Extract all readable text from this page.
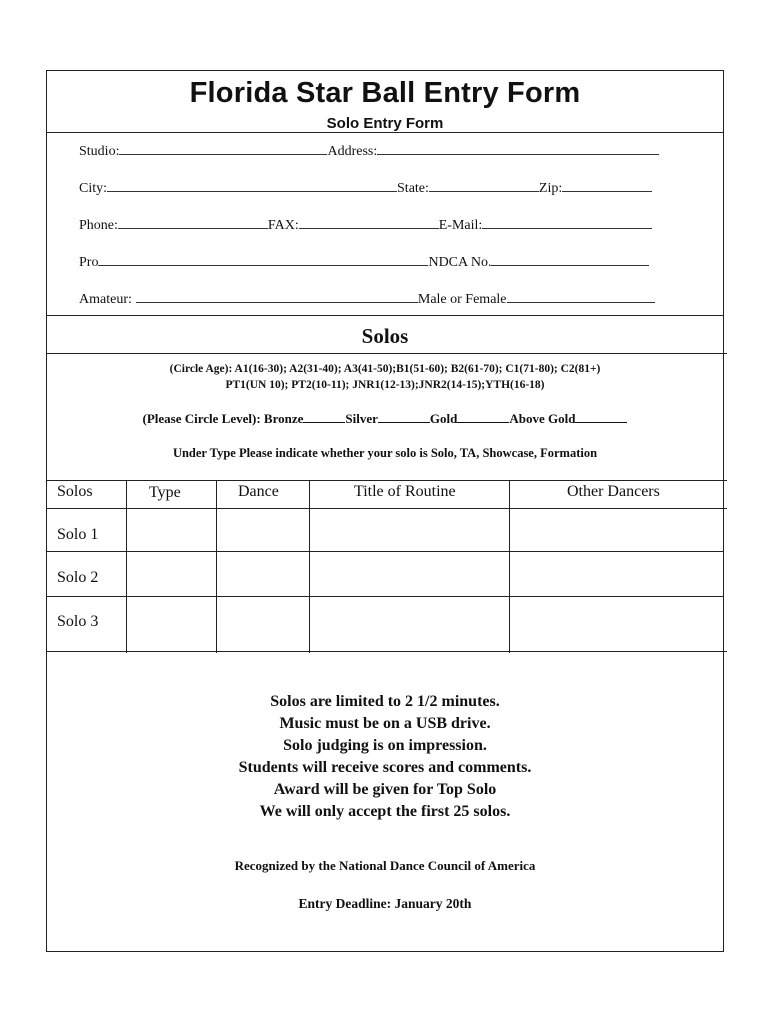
Florida Star Ball Entry Form
Solo Entry Form
Studio:	Address:
City:	State:	Zip:
Phone:	FAX:	E-Mail:
Pro	NDCA No.
Amateur:	Male or Female
Solos
(Circle Age): A1(16-30); A2(31-40); A3(41-50);B1(51-60); B2(61-70); C1(71-80); C2(81+)
PT1(UN 10); PT2(10-11); JNR1(12-13);JNR2(14-15);YTH(16-18)
(Please Circle Level): Bronze	Silver	Gold	Above Gold
Under Type Please indicate whether your solo is Solo, TA, Showcase, Formation
Solos	Type	Dance	Title of Routine	Other Dancers
Solo 1
Solo 2
Solo 3
Solos are limited to 2 1/2 minutes.
Music must be on a USB drive.
Solo judging is on impression.
Students will receive scores and comments.
Award will be given for Top Solo
We will only accept the first 25 solos.
Recognized by the National Dance Council of America
Entry Deadline: January 20th
